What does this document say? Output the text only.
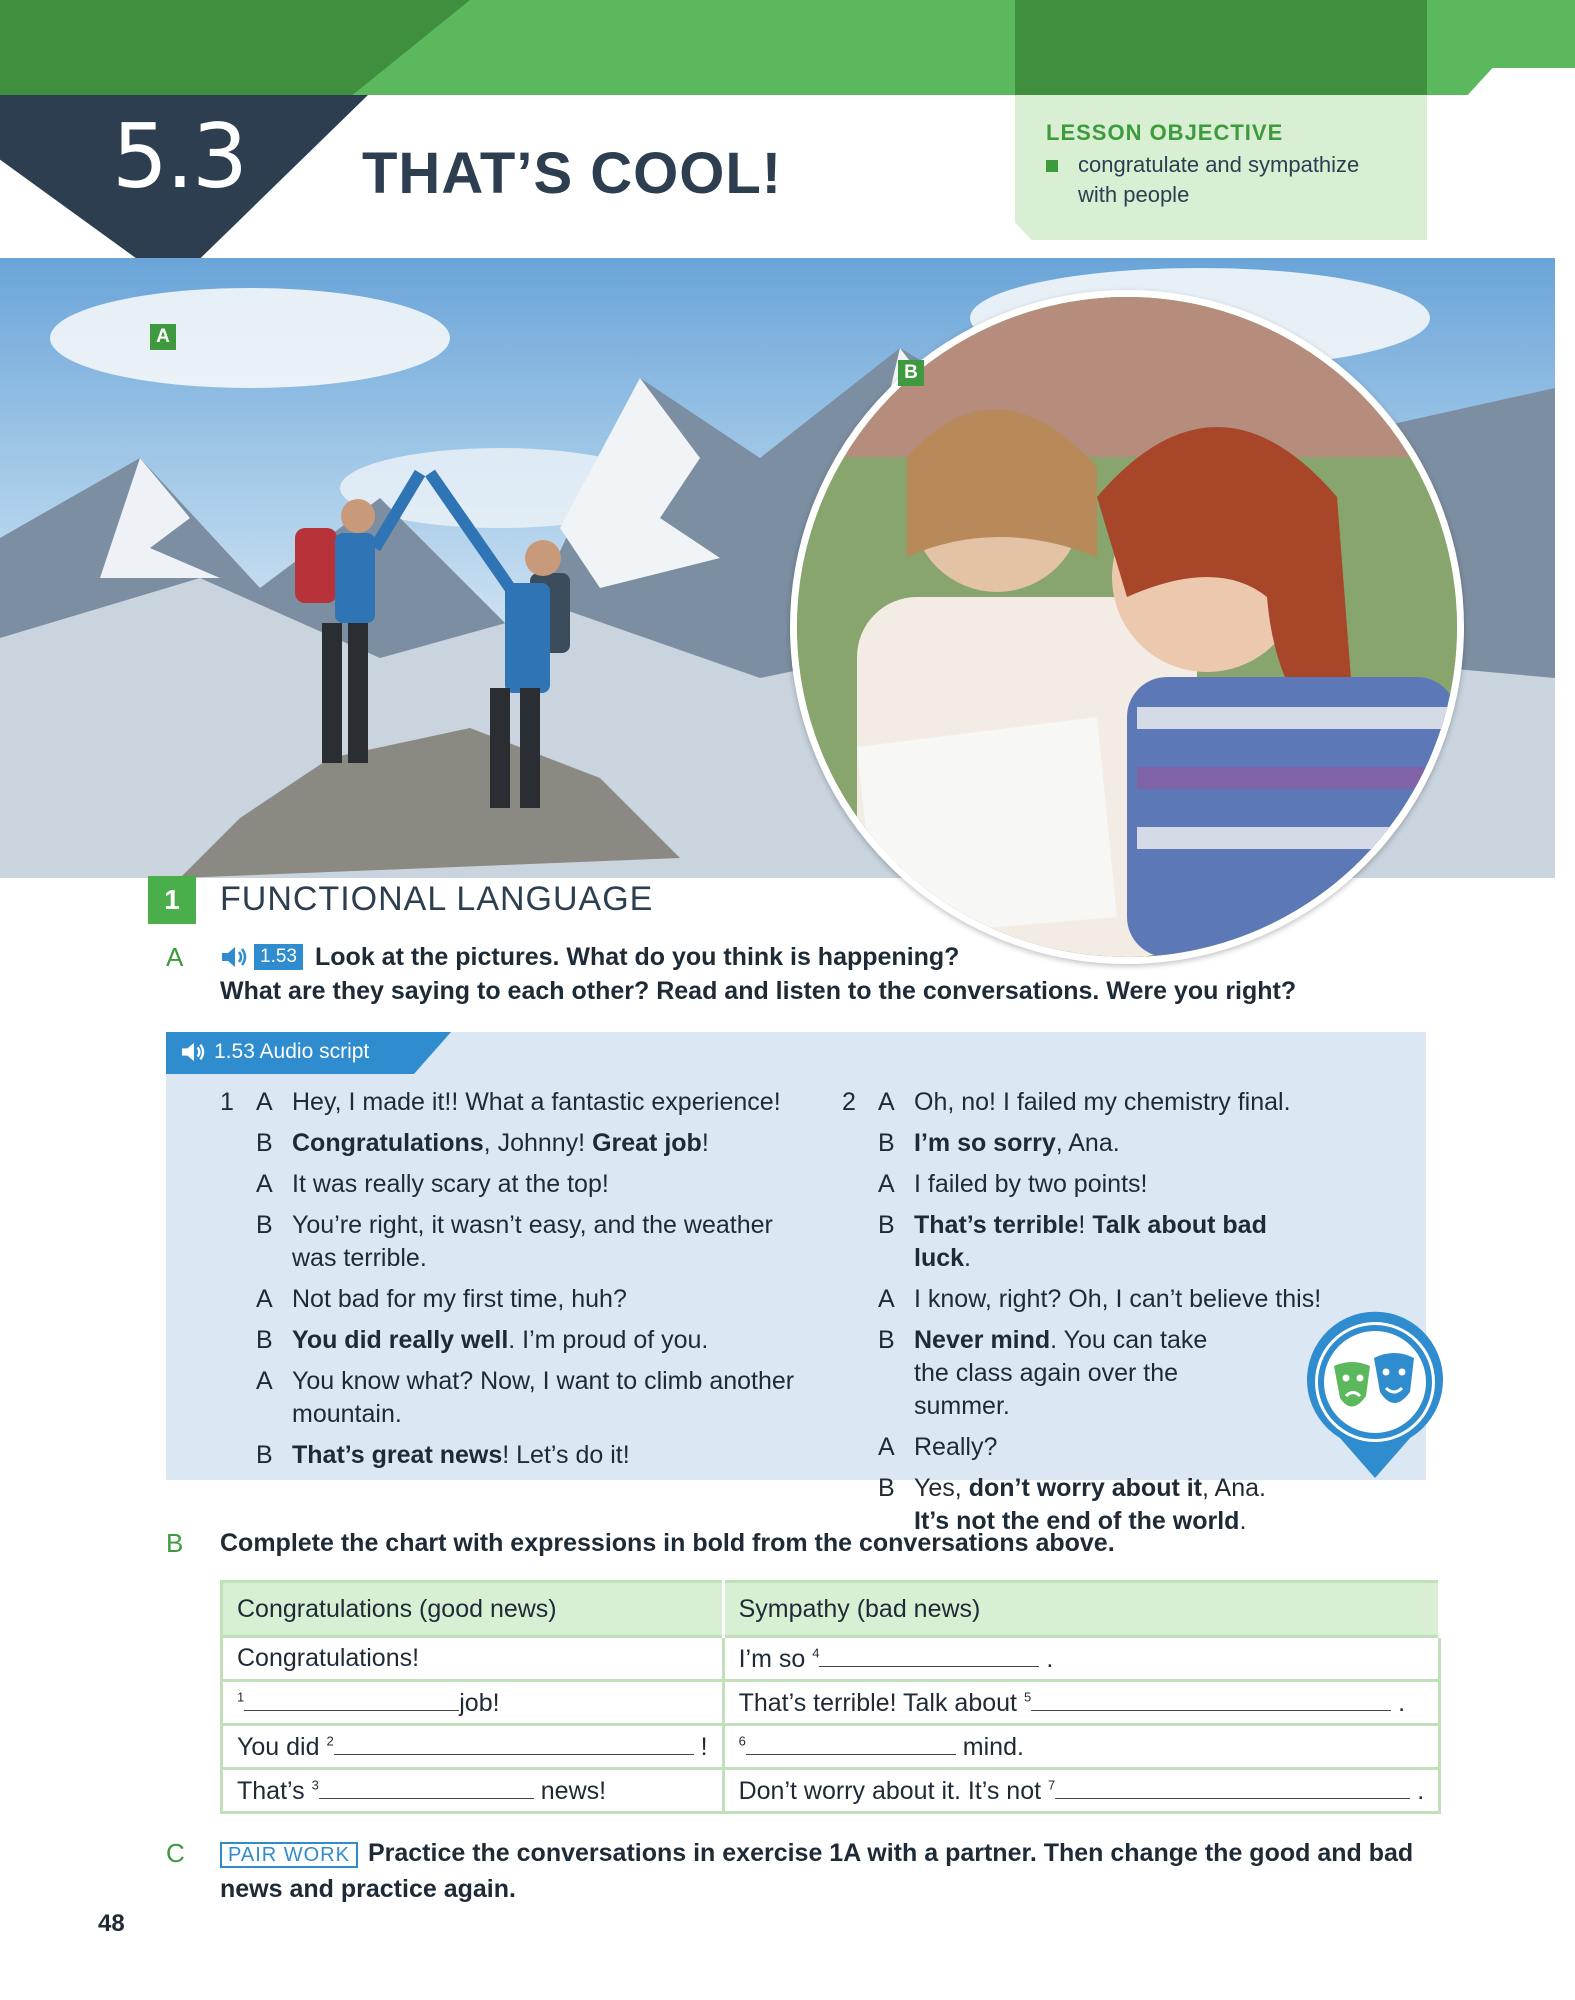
5.3 THAT’S COOL!
LESSON OBJECTIVE
congratulate and sympathize with people
A
B
1	FUNCTIONAL LANGUAGE
A	1.53 Look at the pictures. What do you think is happening?
What are they saying to each other? Read and listen to the conversations. Were you right?
1.53 Audio script
1 A Hey, I made it!! What a fantastic experience!
B Congratulations, Johnny! Great job!
A It was really scary at the top!
B You’re right, it wasn’t easy, and the weather was terrible.
A Not bad for my first time, huh?
B You did really well. I’m proud of you.
A You know what? Now, I want to climb another mountain.
B That’s great news! Let’s do it!
2 A Oh, no! I failed my chemistry final.
B I’m so sorry, Ana.
A I failed by two points!
B That’s terrible! Talk about bad luck.
A I know, right? Oh, I can’t believe this!
B Never mind. You can take the class again over the summer.
A Really?
B Yes, don’t worry about it, Ana.
It’s not the end of the world.
B Complete the chart with expressions in bold from the conversations above.
Congratulations (good news)	Sympathy (bad news)
Congratulations!	I’m so $^4$ .
$^1$ job!	That’s terrible! Talk about $^5$ .
You did $^2$ !	$^6$ mind.
That’s $^3$ news!	Don’t worry about it. It’s not $^7$ .
C	PAIR WORK Practice the conversations in exercise 1A with a partner. Then change the good and bad news and practice again.
48
